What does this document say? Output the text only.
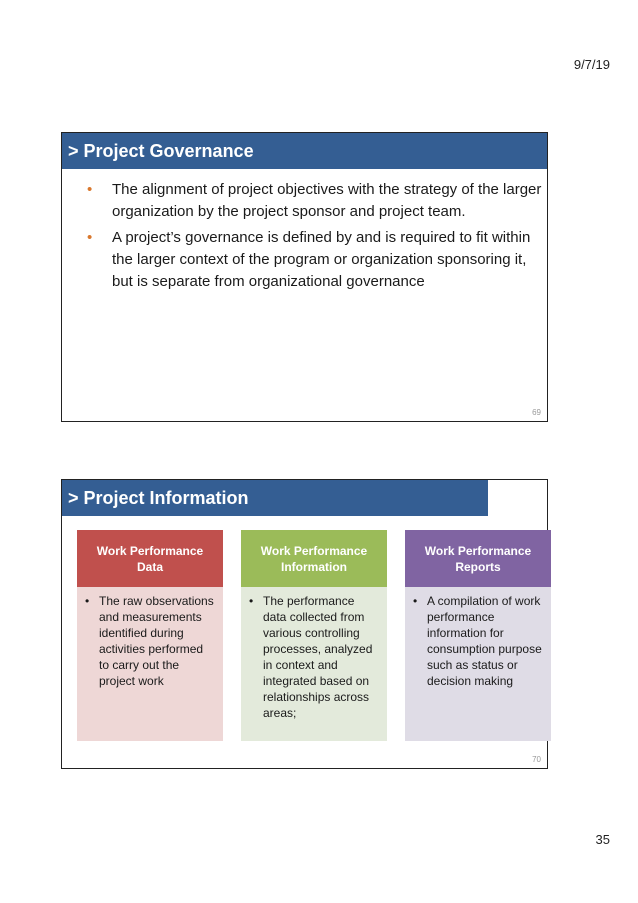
9/7/19
> Project Governance
• The alignment of project objectives with the strategy of the larger organization by the project sponsor and project team.
• A project’s governance is defined by and is required to fit within the larger context of the program or organization sponsoring it, but is separate from organizational governance
69
> Project Information
Work Performance Data
• The raw observations and measurements identified during activities performed to carry out the project work
Work Performance Information
• The performance data collected from various controlling processes, analyzed in context and integrated based on relationships across areas;
Work Performance Reports
• A compilation of work performance information for consumption purpose such as status or decision making
70
35
